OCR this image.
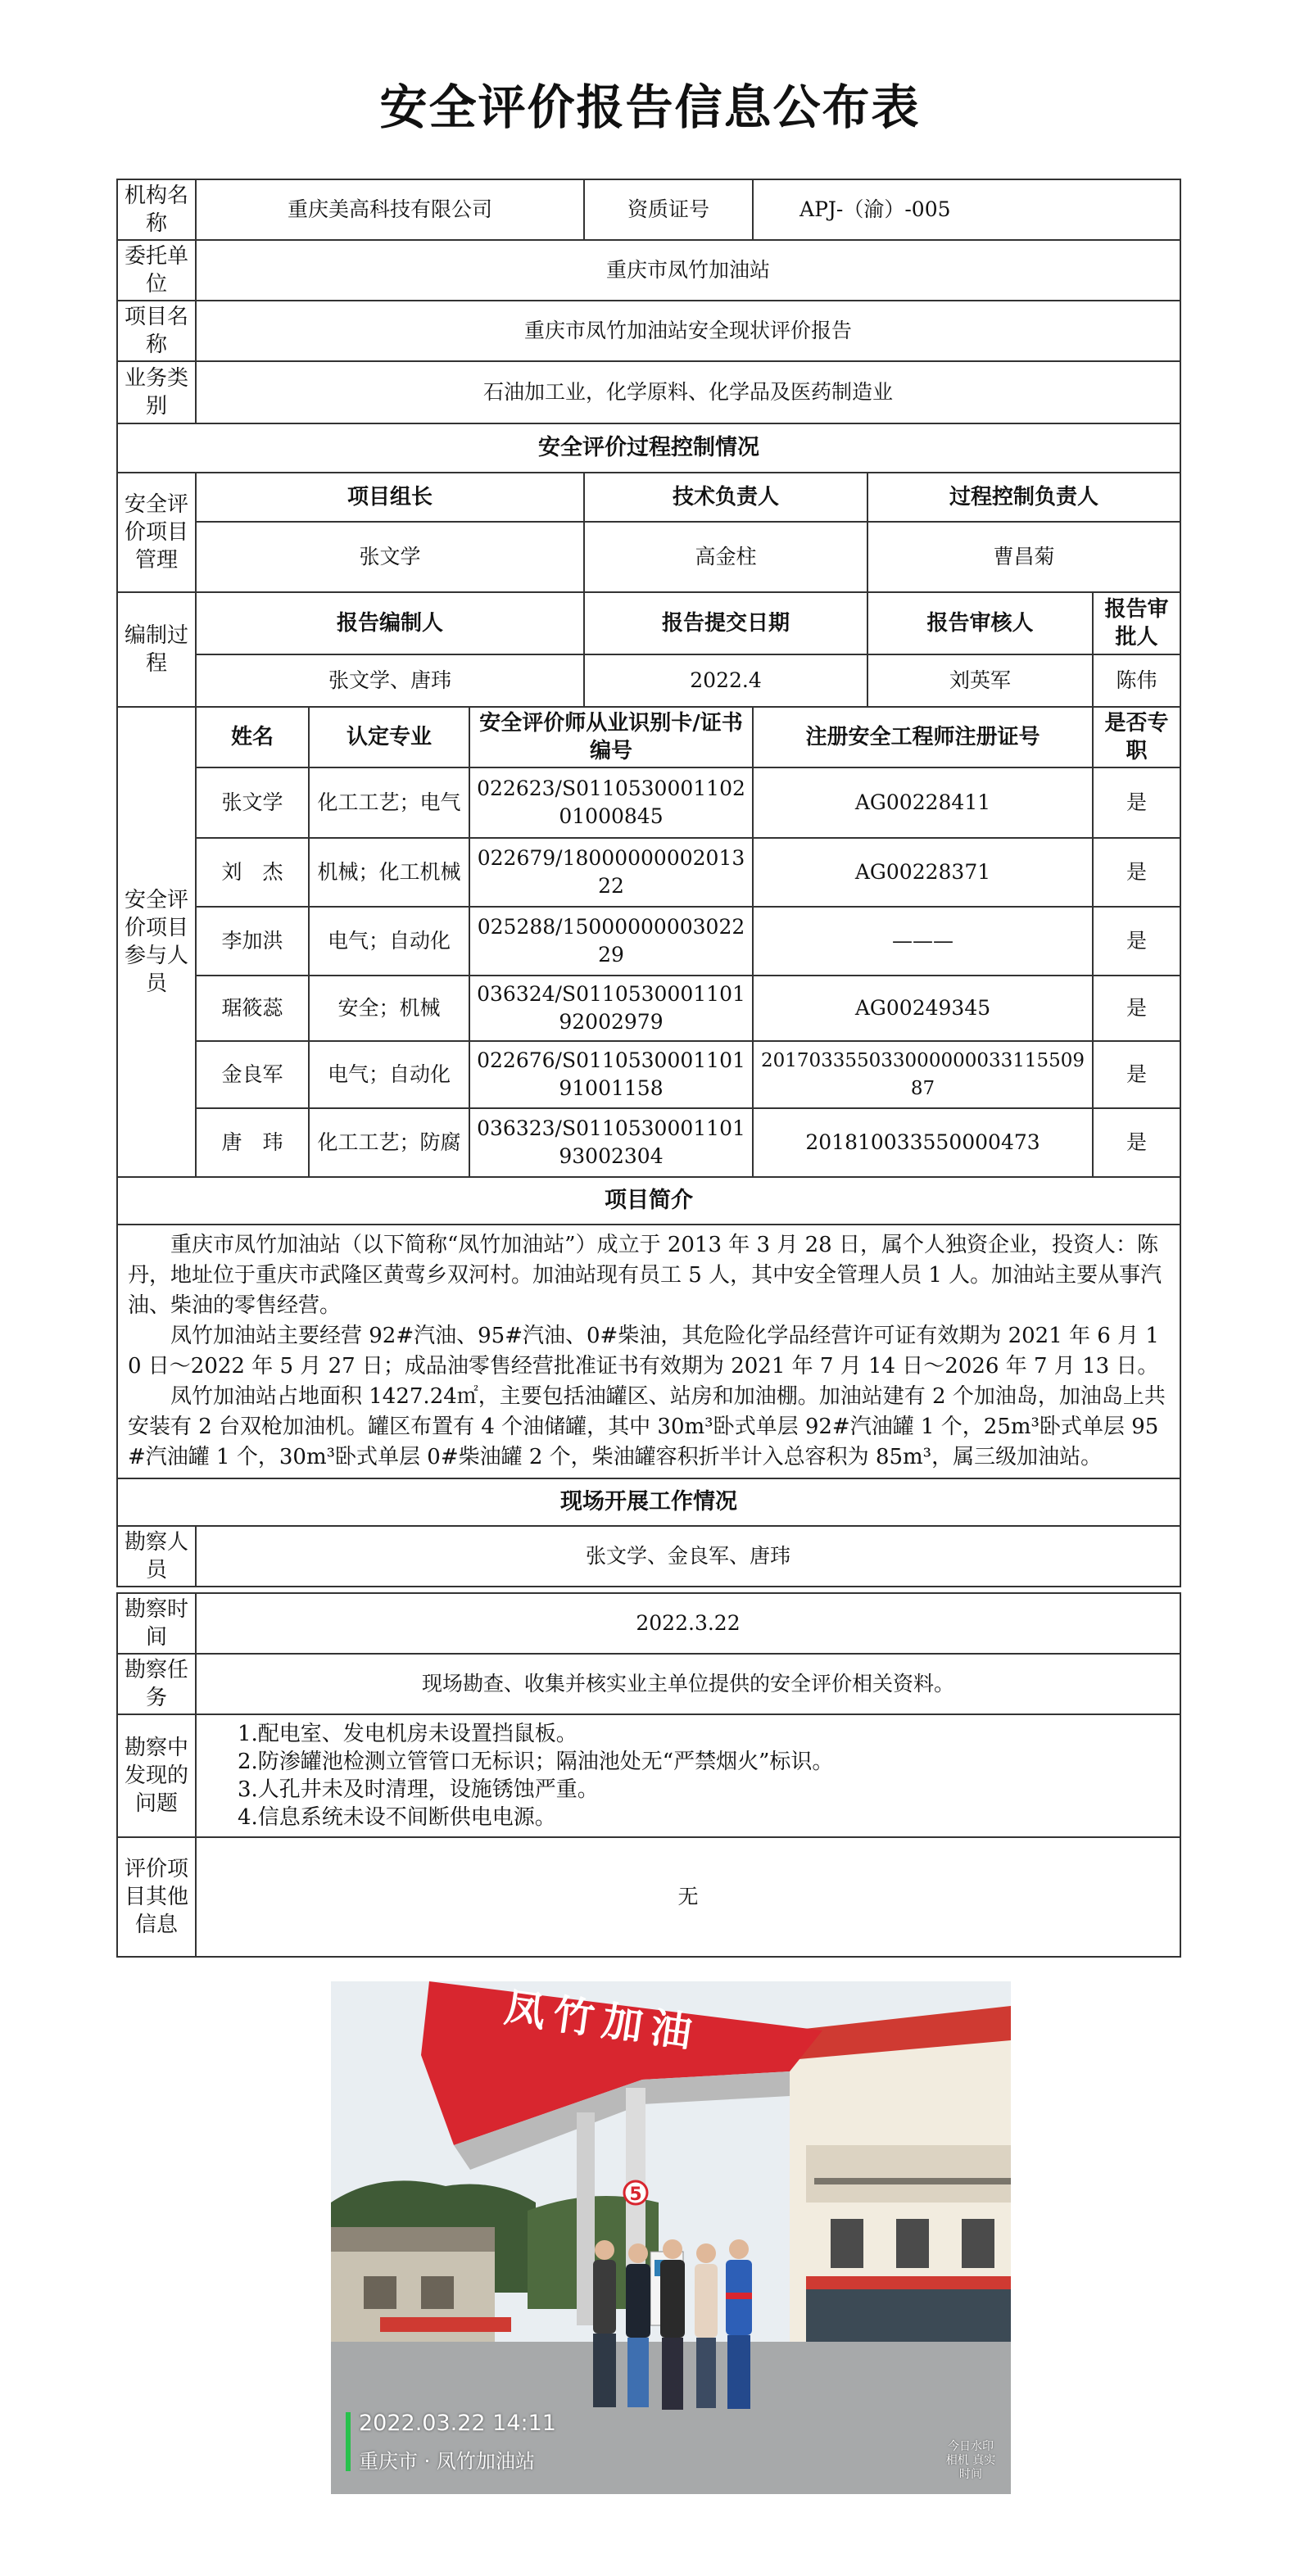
安全评价报告信息公布表
机构名称	重庆美高科技有限公司			资质证号	APJ-（渝）-005		
委托单位	重庆市凤竹加油站						
项目名称	重庆市凤竹加油站安全现状评价报告						
业务类别	石油加工业，化学原料、化学品及医药制造业						
安全评价过程控制情况							
安全评价项目管理	项目组长			技术负责人		过程控制负责人	
	张文学			高金柱		曹昌菊	
编制过程	报告编制人			报告提交日期		报告审核人	报告审批人
	张文学、唐玮			2022.4		刘英军	陈伟
安全评价项目参与人员	姓名	认定专业	安全评价师从业识别卡/证书编号		注册安全工程师注册证号		是否专职
	张文学	化工工艺；电气	022623/S011053000110201000845		AG00228411		是
	刘　杰	机械；化工机械	022679/1800000000201322		AG00228371		是
	李加洪	电气；自动化	025288/1500000000302229		———		是
	琚筱蕊	安全；机械	036324/S011053000110192002979		AG00249345		是
	金良军	电气；自动化	022676/S011053000110191001158		20170335503300000003311550987		是
	唐　玮	化工工艺；防腐	036323/S011053000110193002304		201810033550000473		是
项目简介							

重庆市凤竹加油站（以下简称“凤竹加油站”）成立于 2013 年 3 月 28 日，属个人独资企业，投资人：陈丹，地址位于重庆市武隆区黄莺乡双河村。加油站现有员工 5 人，其中安全管理人员 1 人。加油站主要从事汽油、柴油的零售经营。

凤竹加油站主要经营 92#汽油、95#汽油、0#柴油，其危险化学品经营许可证有效期为 2021 年 6 月 10 日～2022 年 5 月 27 日；成品油零售经营批准证书有效期为 2021 年 7 月 14 日～2026 年 7 月 13 日。

凤竹加油站占地面积 1427.24㎡，主要包括油罐区、站房和加油棚。加油站建有 2 个加油岛，加油岛上共安装有 2 台双枪加油机。罐区布置有 4 个油储罐，其中 30m³卧式单层 92#汽油罐 1 个，25m³卧式单层 95#汽油罐 1 个，30m³卧式单层 0#柴油罐 2 个，柴油罐容积折半计入总容积为 85m³，属三级加油站。							

现场开展工作情况							
勘察人员	张文学、金良军、唐玮						
勘察时间	2022.3.22
勘察任务	现场勘查、收集并核实业主单位提供的安全评价相关资料。
勘察中发现的问题	1.配电室、发电机房未设置挡鼠板。
2.防渗罐池检测立管管口无标识；隔油池处无“严禁烟火”标识。
3.人孔井未及时清理，设施锈蚀严重。
4.信息系统未设不间断供电电源。

评价项目其他信息	无
凤竹加油
5
2022.03.22 14:11
重庆市 · 凤竹加油站
今日水印 相机 真实时间
